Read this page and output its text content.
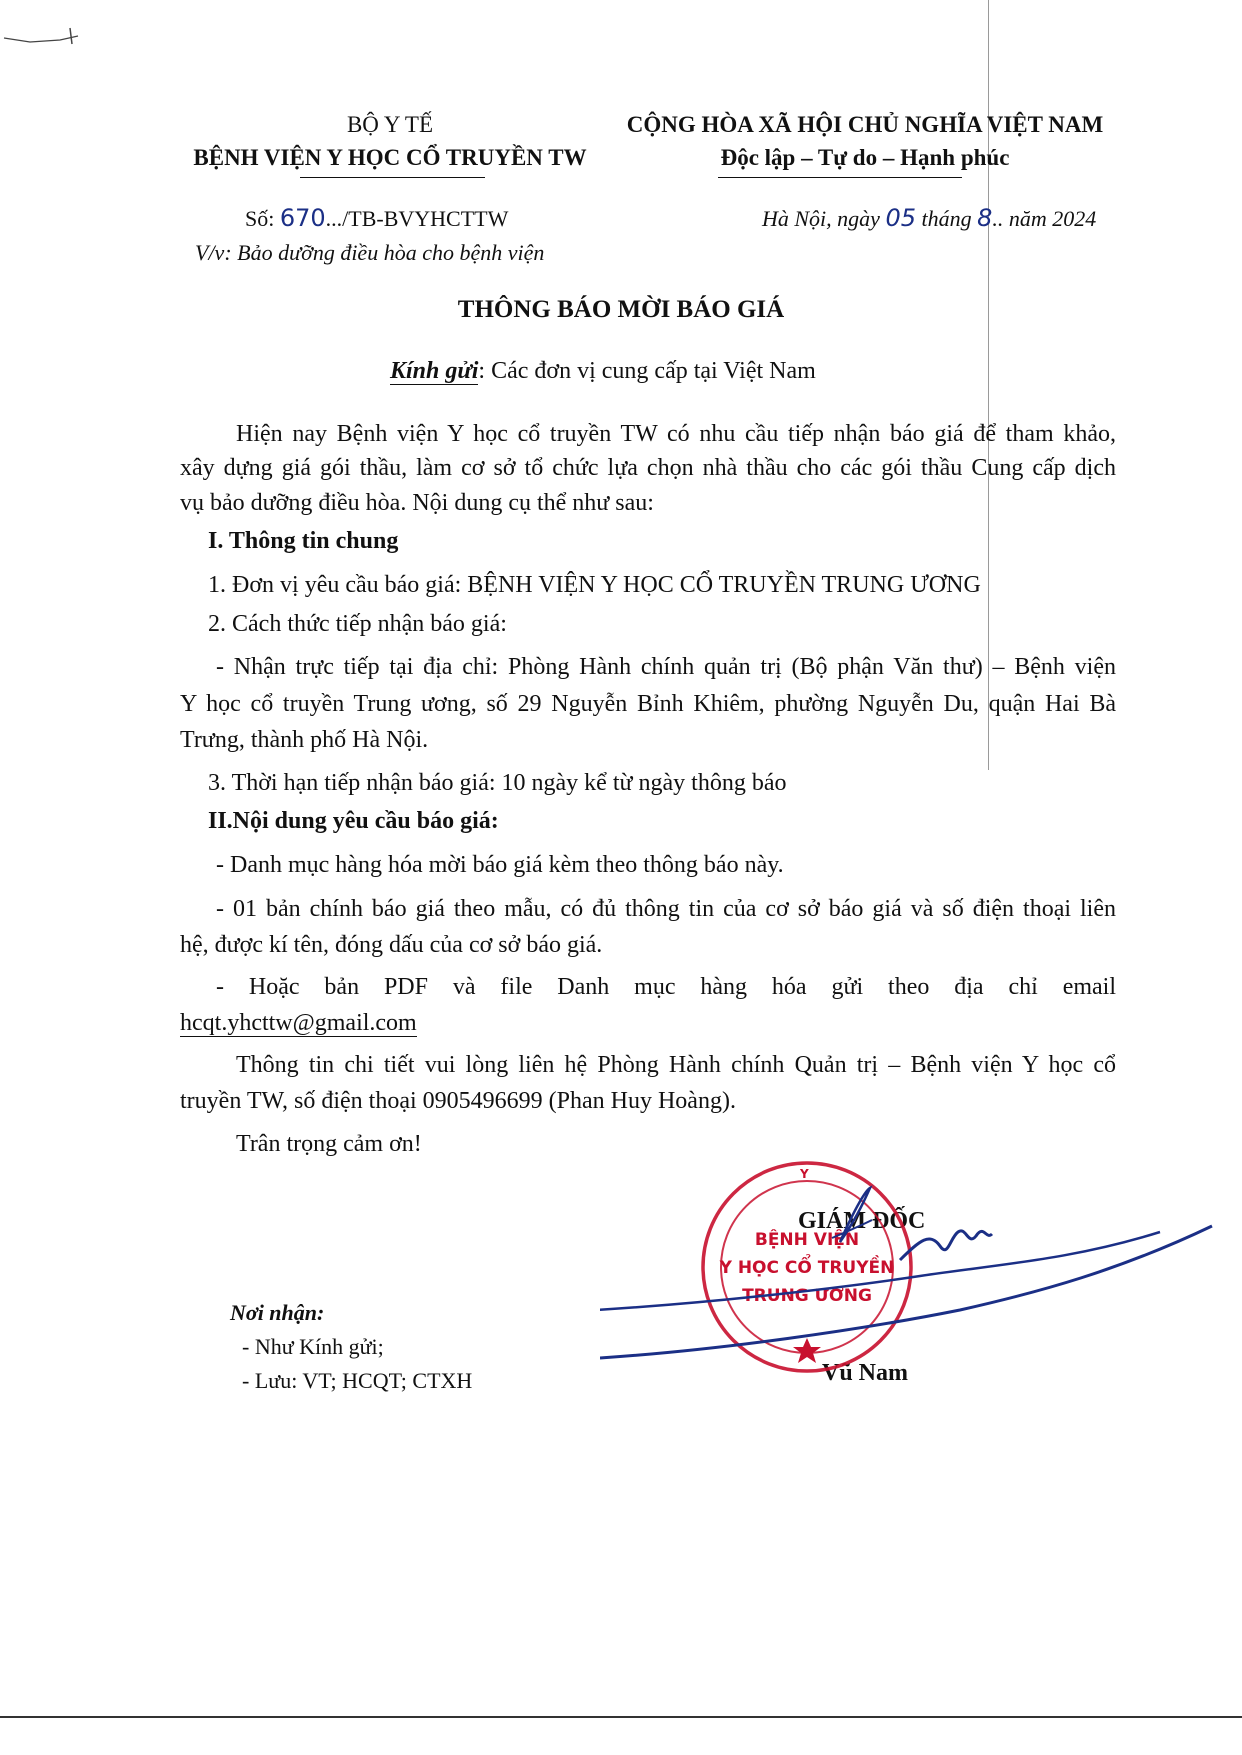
BỘ Y TẾ
BỆNH VIỆN Y HỌC CỔ TRUYỀN TW
Số: 670.../TB-BVYHCTTW
V/v: Bảo dưỡng điều hòa cho bệnh viện
CỘNG HÒA XÃ HỘI CHỦ NGHĨA VIỆT NAM
Độc lập – Tự do – Hạnh phúc
Hà Nội, ngày 05 tháng 8.. năm 2024
THÔNG BÁO MỜI BÁO GIÁ
Kính gửi: Các đơn vị cung cấp tại Việt Nam
Hiện nay Bệnh viện Y học cổ truyền TW có nhu cầu tiếp nhận báo giá để tham khảo,
xây dựng giá gói thầu, làm cơ sở tổ chức lựa chọn nhà thầu cho các gói thầu Cung cấp dịch
vụ bảo dưỡng điều hòa. Nội dung cụ thể như sau:
I. Thông tin chung
1. Đơn vị yêu cầu báo giá: BỆNH VIỆN Y HỌC CỔ TRUYỀN TRUNG ƯƠNG
2. Cách thức tiếp nhận báo giá:
- Nhận trực tiếp tại địa chỉ: Phòng Hành chính quản trị (Bộ phận Văn thư) – Bệnh viện
Y học cổ truyền Trung ương, số 29 Nguyễn Bỉnh Khiêm, phường Nguyễn Du, quận Hai Bà
Trưng, thành phố Hà Nội.
3. Thời hạn tiếp nhận báo giá: 10 ngày kể từ ngày thông báo
II.Nội dung yêu cầu báo giá:
- Danh mục hàng hóa mời báo giá kèm theo thông báo này.
- 01 bản chính báo giá theo mẫu, có đủ thông tin của cơ sở báo giá và số điện thoại liên
hệ, được kí tên, đóng dấu của cơ sở báo giá.
- Hoặc bản PDF và file Danh mục hàng hóa gửi theo địa chỉ email
hcqt.yhcttw@gmail.com
Thông tin chi tiết vui lòng liên hệ Phòng Hành chính Quản trị – Bệnh viện Y học cổ
truyền TW, số điện thoại 0905496699 (Phan Huy Hoàng).
Trân trọng cảm ơn!
Nơi nhận:
- Như Kính gửi;
- Lưu: VT; HCQT; CTXH
GIÁM ĐỐC
Vũ Nam
Y
BỆNH VIỆN
Y HỌC CỔ TRUYỀN
TRUNG ƯƠNG
